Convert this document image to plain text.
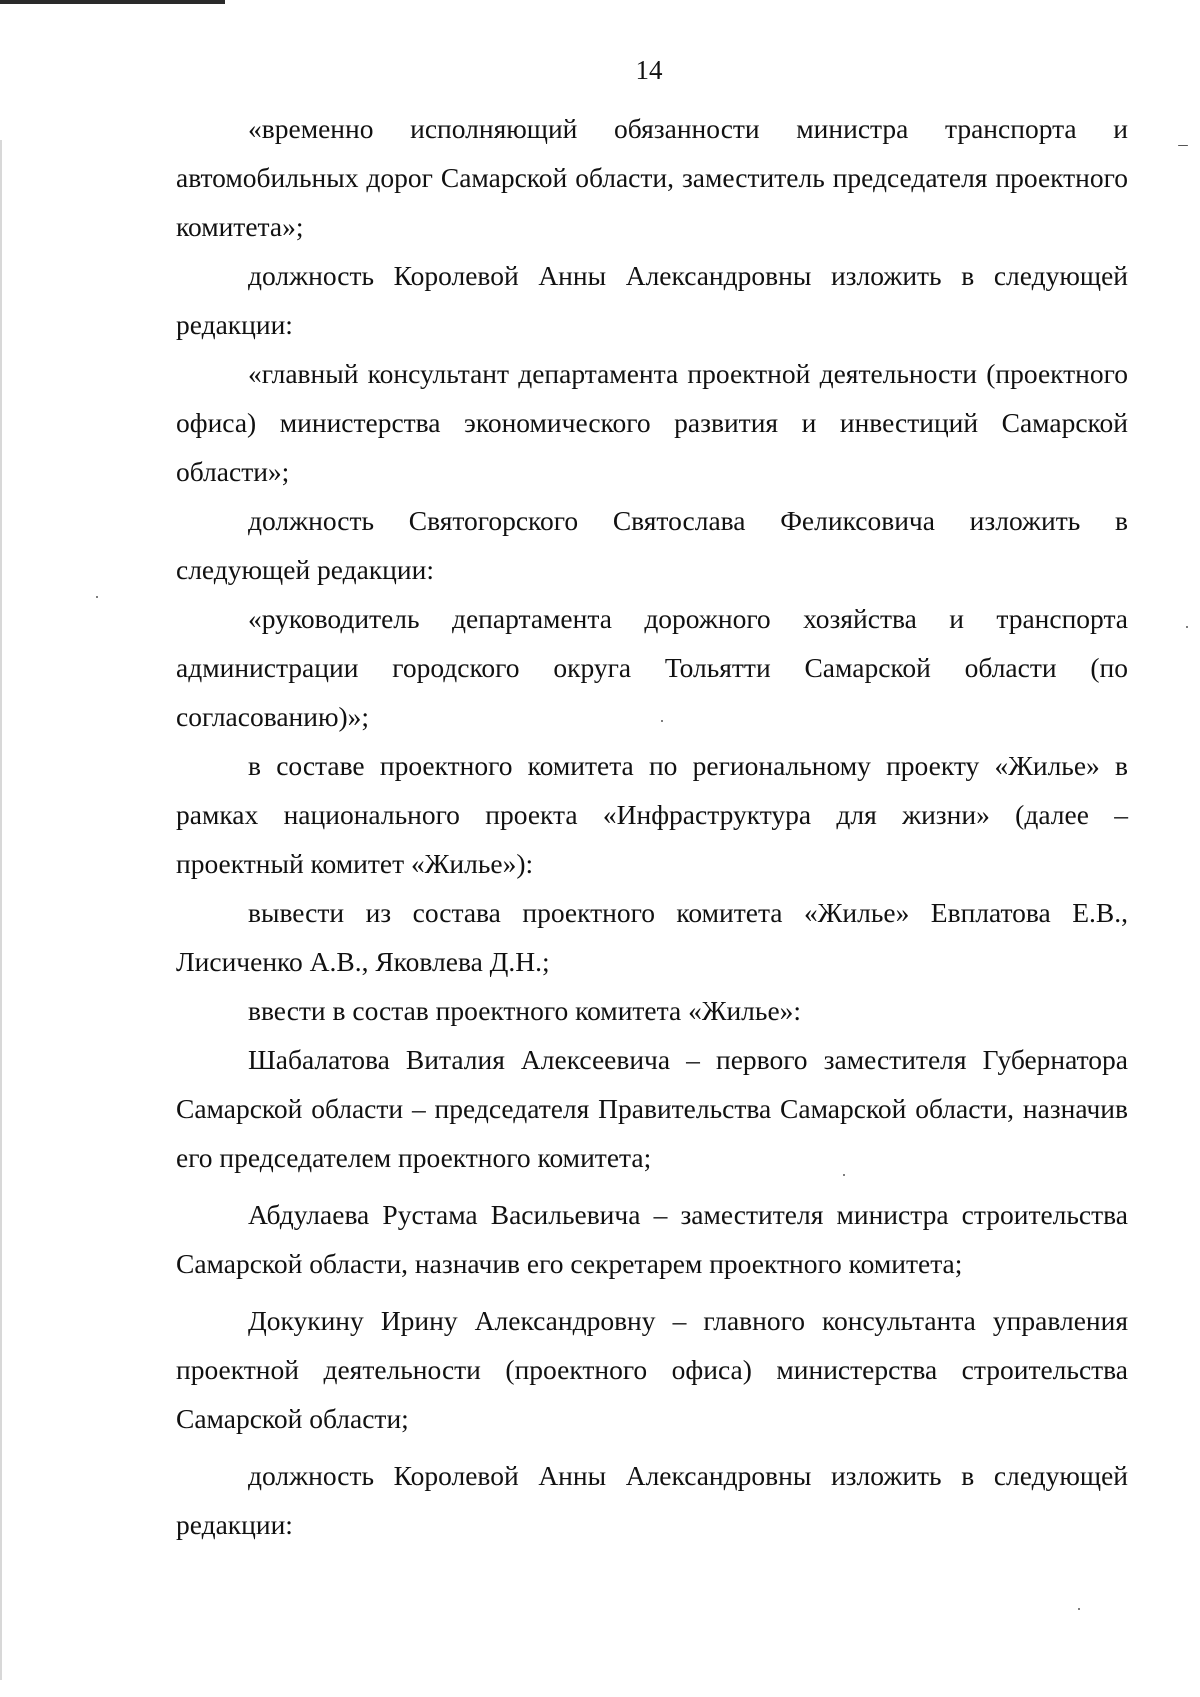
14

«временно исполняющий обязанности министра транспорта и автомобильных дорог Самарской области, заместитель председателя проектного комитета»;

должность Королевой Анны Александровны изложить в следующей редакции:

«главный консультант департамента проектной деятельности (проектного офиса) министерства экономического развития и инвестиций Самарской области»;

должность Святогорского Святослава Феликсовича изложить в следующей редакции:

«руководитель департамента дорожного хозяйства и транспорта администрации городского округа Тольятти Самарской области (по согласованию)»;

в составе проектного комитета по региональному проекту «Жилье» в рамках национального проекта «Инфраструктура для жизни» (далее – проектный комитет «Жилье»):

вывести из состава проектного комитета «Жилье» Евплатова Е.В., Лисиченко А.В., Яковлева Д.Н.;

ввести в состав проектного комитета «Жилье»:

Шабалатова Виталия Алексеевича – первого заместителя Губернатора Самарской области – председателя Правительства Самарской области, назначив его председателем проектного комитета;

Абдулаева Рустама Васильевича – заместителя министра строительства Самарской области, назначив его секретарем проектного комитета;

Докукину Ирину Александровну – главного консультанта управления проектной деятельности (проектного офиса) министерства строительства Самарской области;

должность Королевой Анны Александровны изложить в следующей редакции:
